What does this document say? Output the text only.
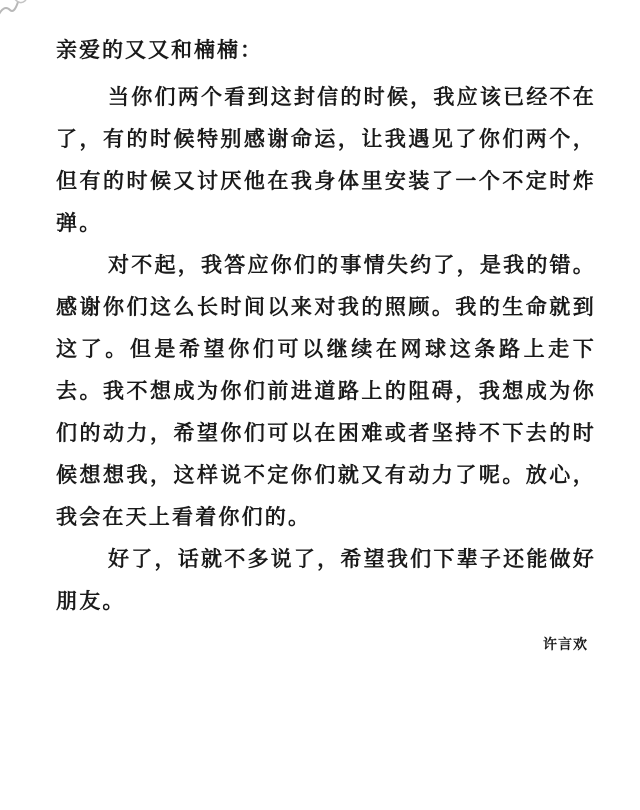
亲爱的又又和楠楠：

当你们两个看到这封信的时候，我应该已经不在了，有的时候特别感谢命运，让我遇见了你们两个，但有的时候又讨厌他在我身体里安装了一个不定时炸弹。

对不起，我答应你们的事情失约了，是我的错。感谢你们这么长时间以来对我的照顾。我的生命就到这了。但是希望你们可以继续在网球这条路上走下去。我不想成为你们前进道路上的阻碍，我想成为你们的动力，希望你们可以在困难或者坚持不下去的时候想想我，这样说不定你们就又有动力了呢。放心，我会在天上看着你们的。

好了，话就不多说了，希望我们下辈子还能做好朋友。

许言欢
